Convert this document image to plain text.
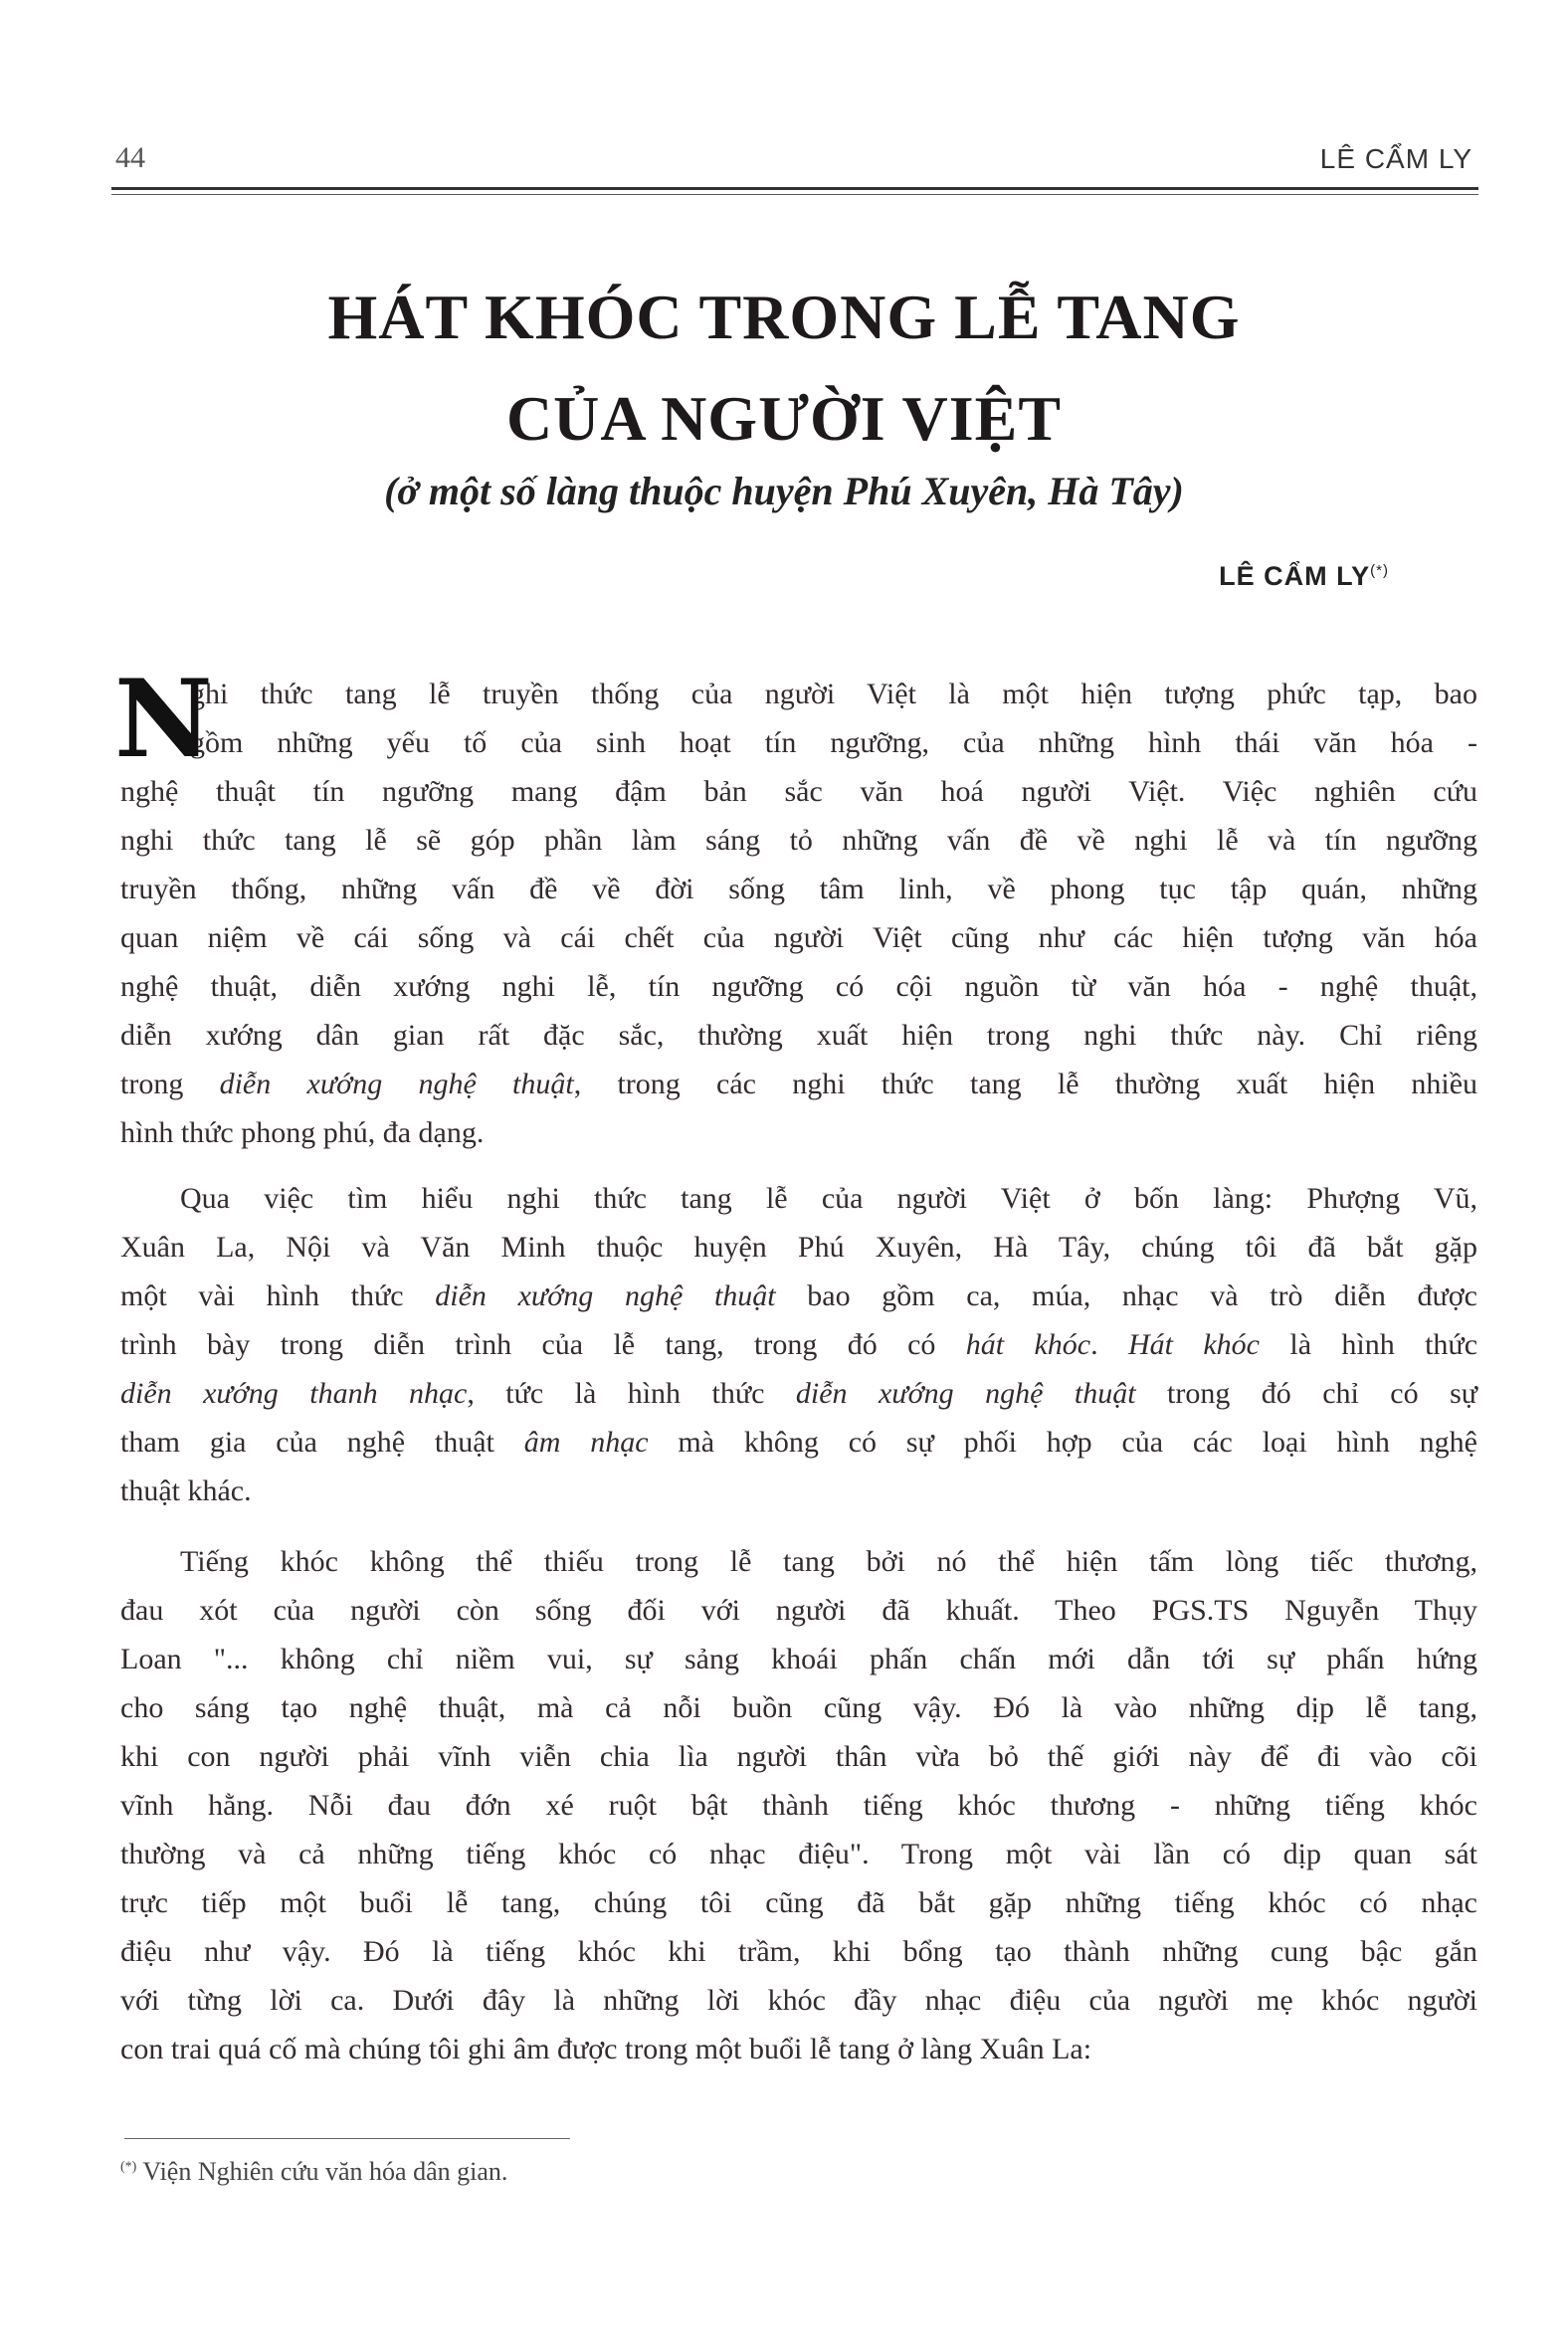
44	LÊ CẨM LY
HÁT KHÓC TRONG LỄ TANG
CỦA NGƯỜI VIỆT
(ở một số làng thuộc huyện Phú Xuyên, Hà Tây)
LÊ CẨM LY(*)
N
ghi thức tang lễ truyền thống của người Việt là một hiện tượng phức tạp, bao
gồm những yếu tố của sinh hoạt tín ngưỡng, của những hình thái văn hóa -
nghệ thuật tín ngưỡng mang đậm bản sắc văn hoá người Việt. Việc nghiên cứu
nghi thức tang lễ sẽ góp phần làm sáng tỏ những vấn đề về nghi lễ và tín ngưỡng
truyền thống, những vấn đề về đời sống tâm linh, về phong tục tập quán, những
quan niệm về cái sống và cái chết của người Việt cũng như các hiện tượng văn hóa
nghệ thuật, diễn xướng nghi lễ, tín ngưỡng có cội nguồn từ văn hóa - nghệ thuật,
diễn xướng dân gian rất đặc sắc, thường xuất hiện trong nghi thức này. Chỉ riêng
trong diễn xướng nghệ thuật, trong các nghi thức tang lễ thường xuất hiện nhiều
hình thức phong phú, đa dạng.
Qua việc tìm hiểu nghi thức tang lễ của người Việt ở bốn làng: Phượng Vũ,
Xuân La, Nội và Văn Minh thuộc huyện Phú Xuyên, Hà Tây, chúng tôi đã bắt gặp
một vài hình thức diễn xướng nghệ thuật bao gồm ca, múa, nhạc và trò diễn được
trình bày trong diễn trình của lễ tang, trong đó có hát khóc. Hát khóc là hình thức
diễn xướng thanh nhạc, tức là hình thức diễn xướng nghệ thuật trong đó chỉ có sự
tham gia của nghệ thuật âm nhạc mà không có sự phối hợp của các loại hình nghệ
thuật khác.
Tiếng khóc không thể thiếu trong lễ tang bởi nó thể hiện tấm lòng tiếc thương,
đau xót của người còn sống đối với người đã khuất. Theo PGS.TS Nguyễn Thụy
Loan "... không chỉ niềm vui, sự sảng khoái phấn chấn mới dẫn tới sự phấn hứng
cho sáng tạo nghệ thuật, mà cả nỗi buồn cũng vậy. Đó là vào những dịp lễ tang,
khi con người phải vĩnh viễn chia lìa người thân vừa bỏ thế giới này để đi vào cõi
vĩnh hằng. Nỗi đau đớn xé ruột bật thành tiếng khóc thương - những tiếng khóc
thường và cả những tiếng khóc có nhạc điệu". Trong một vài lần có dịp quan sát
trực tiếp một buổi lễ tang, chúng tôi cũng đã bắt gặp những tiếng khóc có nhạc
điệu như vậy. Đó là tiếng khóc khi trầm, khi bổng tạo thành những cung bậc gắn
với từng lời ca. Dưới đây là những lời khóc đầy nhạc điệu của người mẹ khóc người
con trai quá cố mà chúng tôi ghi âm được trong một buổi lễ tang ở làng Xuân La:
(*) Viện Nghiên cứu văn hóa dân gian.
